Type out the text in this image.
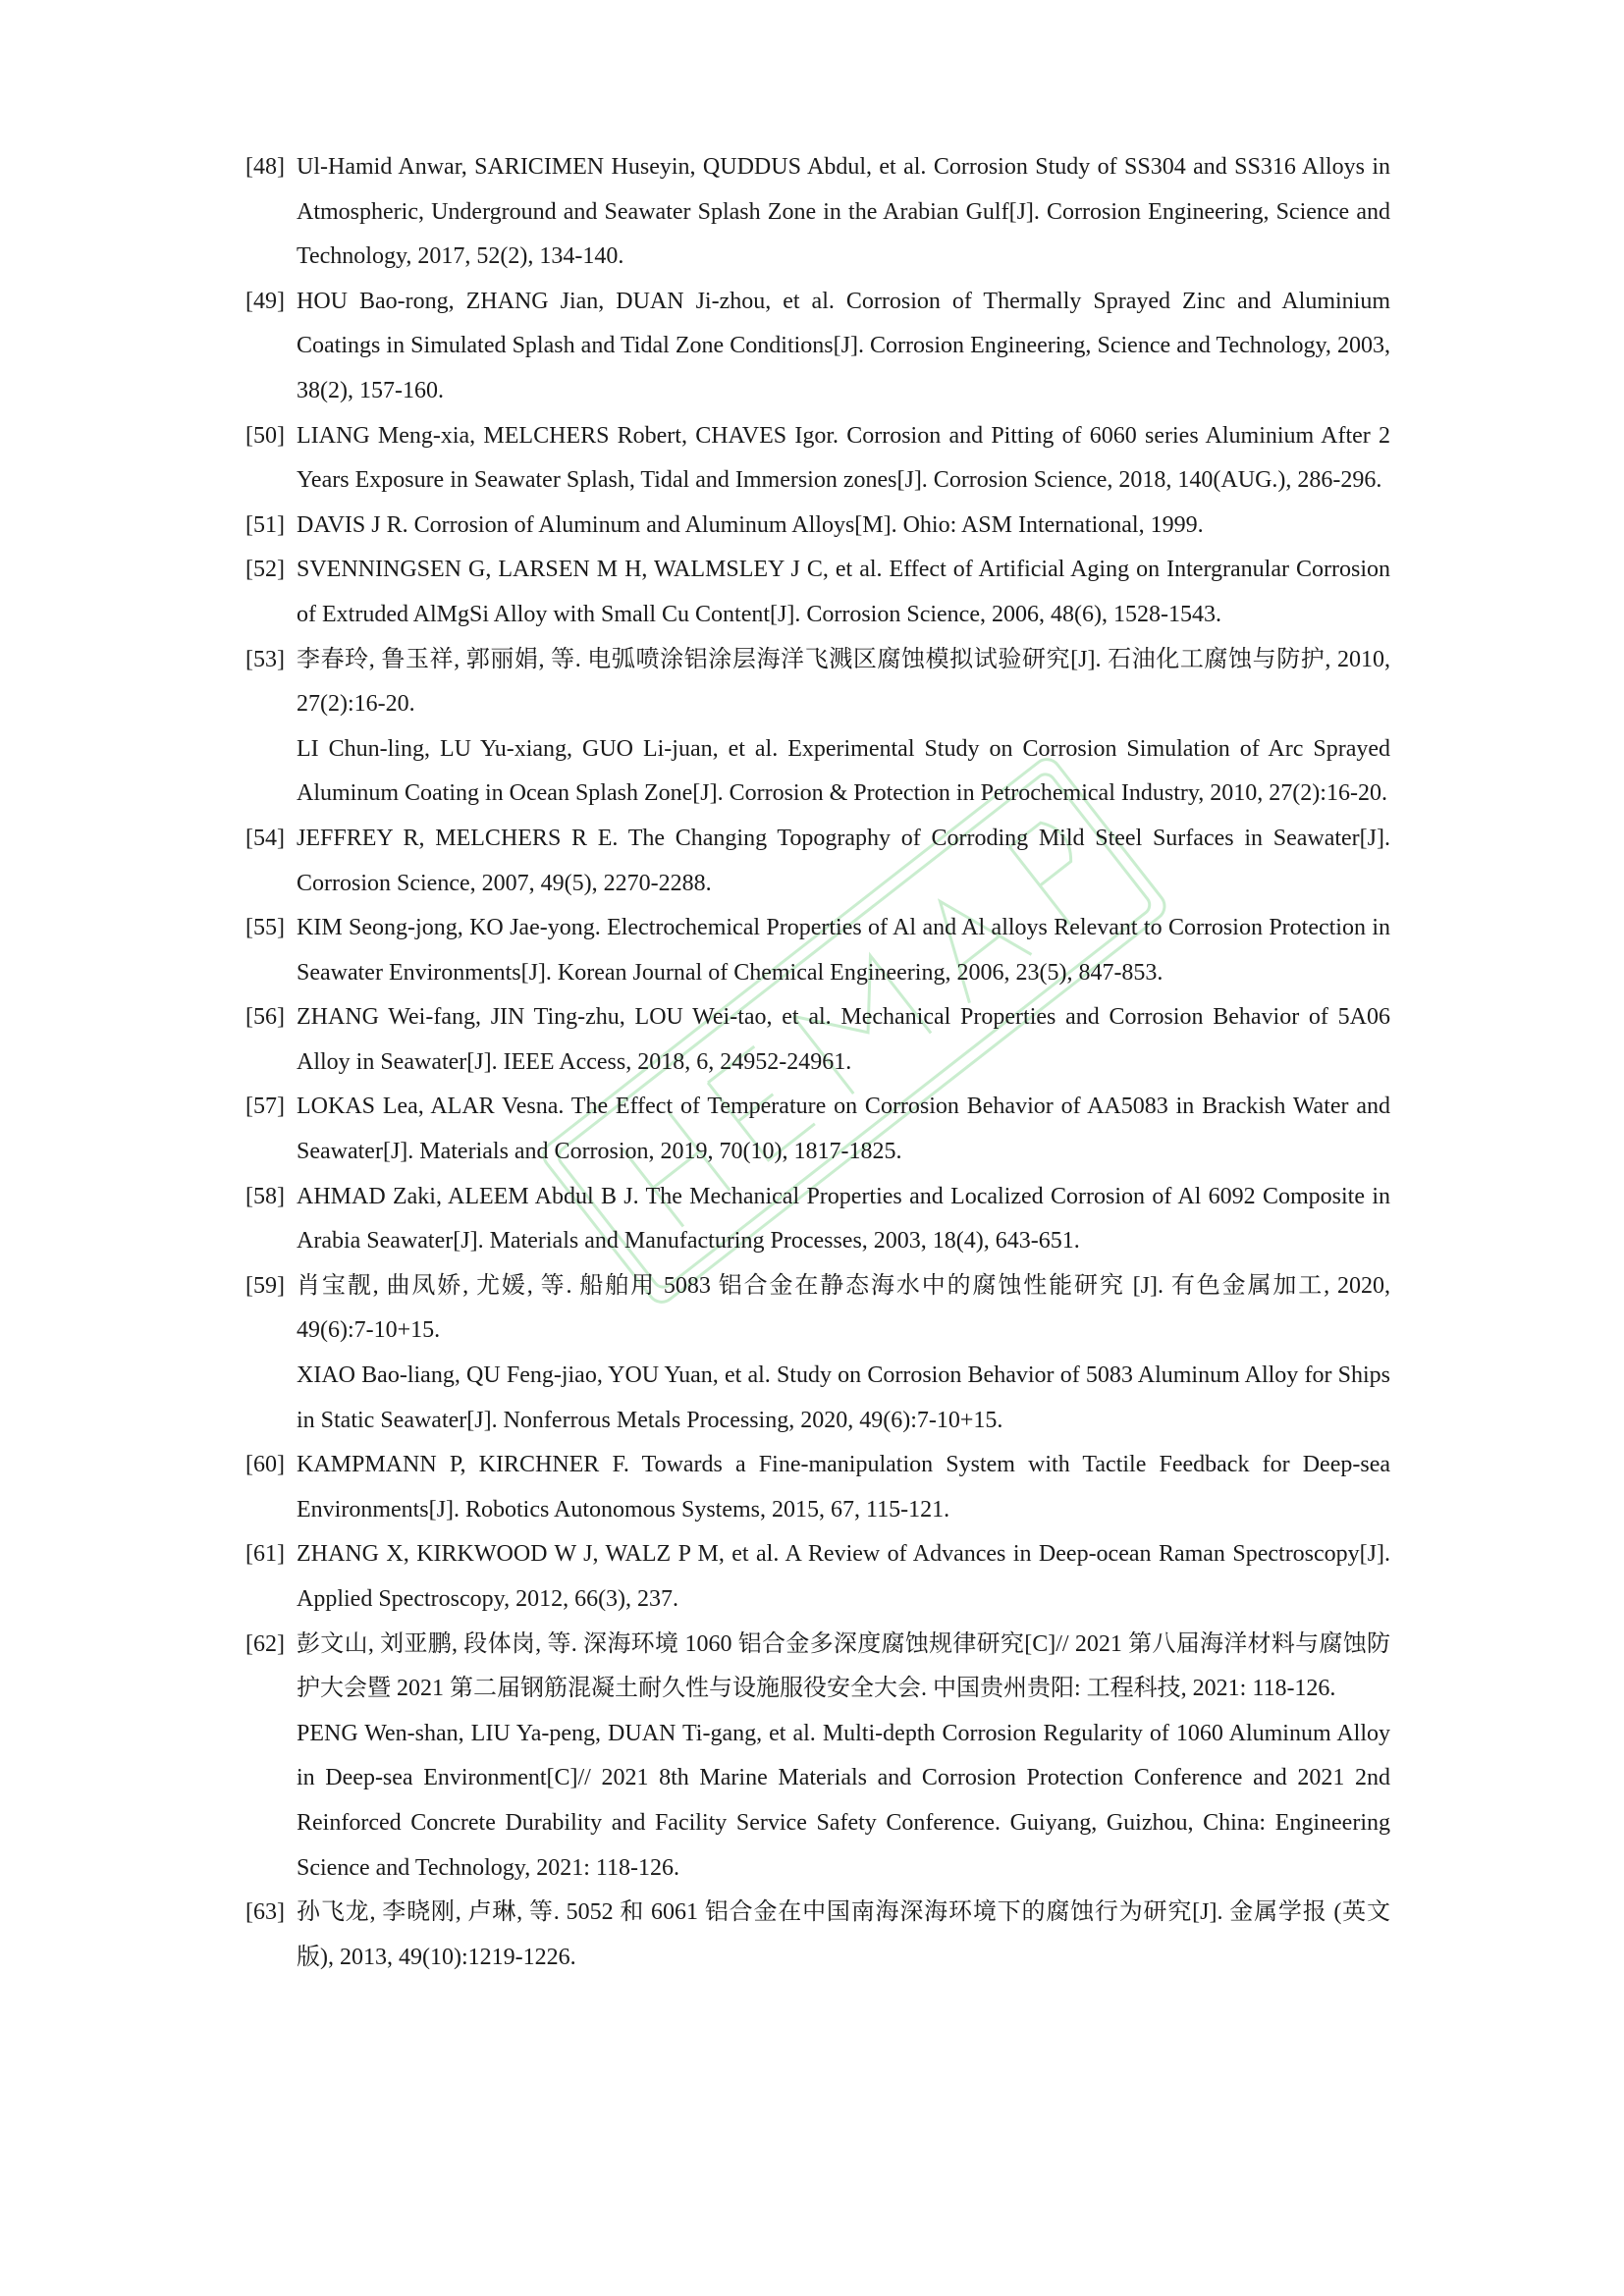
[48] Ul-Hamid Anwar, SARICIMEN Huseyin, QUDDUS Abdul, et al. Corrosion Study of SS304 and SS316 Alloys in Atmospheric, Underground and Seawater Splash Zone in the Arabian Gulf[J]. Corrosion Engineering, Science and Technology, 2017, 52(2), 134-140.

[49] HOU Bao-rong, ZHANG Jian, DUAN Ji-zhou, et al. Corrosion of Thermally Sprayed Zinc and Aluminium Coatings in Simulated Splash and Tidal Zone Conditions[J]. Corrosion Engineering, Science and Technology, 2003, 38(2), 157-160.

[50] LIANG Meng-xia, MELCHERS Robert, CHAVES Igor. Corrosion and Pitting of 6060 series Aluminium After 2 Years Exposure in Seawater Splash, Tidal and Immersion zones[J]. Corrosion Science, 2018, 140(AUG.), 286-296.

[51] DAVIS J R. Corrosion of Aluminum and Aluminum Alloys[M]. Ohio: ASM International, 1999.

[52] SVENNINGSEN G, LARSEN M H, WALMSLEY J C, et al. Effect of Artificial Aging on Intergranular Corrosion of Extruded AlMgSi Alloy with Small Cu Content[J]. Corrosion Science, 2006, 48(6), 1528-1543.

[53] 李春玲, 鲁玉祥, 郭丽娟, 等. 电弧喷涂铝涂层海洋飞溅区腐蚀模拟试验研究[J]. 石油化工腐蚀与防护, 2010, 27(2):16-20.

LI Chun-ling, LU Yu-xiang, GUO Li-juan, et al. Experimental Study on Corrosion Simulation of Arc Sprayed Aluminum Coating in Ocean Splash Zone[J]. Corrosion & Protection in Petrochemical Industry, 2010, 27(2):16-20.

[54] JEFFREY R, MELCHERS R E. The Changing Topography of Corroding Mild Steel Surfaces in Seawater[J]. Corrosion Science, 2007, 49(5), 2270-2288.

[55] KIM Seong-jong, KO Jae-yong. Electrochemical Properties of Al and Al alloys Relevant to Corrosion Protection in Seawater Environments[J]. Korean Journal of Chemical Engineering, 2006, 23(5), 847-853.

[56] ZHANG Wei-fang, JIN Ting-zhu, LOU Wei-tao, et al. Mechanical Properties and Corrosion Behavior of 5A06 Alloy in Seawater[J]. IEEE Access, 2018, 6, 24952-24961.

[57] LOKAS Lea, ALAR Vesna. The Effect of Temperature on Corrosion Behavior of AA5083 in Brackish Water and Seawater[J]. Materials and Corrosion, 2019, 70(10), 1817-1825.

[58] AHMAD Zaki, ALEEM Abdul B J. The Mechanical Properties and Localized Corrosion of Al 6092 Composite in Arabia Seawater[J]. Materials and Manufacturing Processes, 2003, 18(4), 643-651.

[59] 肖宝靓, 曲凤娇, 尤媛, 等. 船舶用 5083 铝合金在静态海水中的腐蚀性能研究 [J]. 有色金属加工, 2020, 49(6):7-10+15.

XIAO Bao-liang, QU Feng-jiao, YOU Yuan, et al. Study on Corrosion Behavior of 5083 Aluminum Alloy for Ships in Static Seawater[J]. Nonferrous Metals Processing, 2020, 49(6):7-10+15.

[60] KAMPMANN P, KIRCHNER F. Towards a Fine-manipulation System with Tactile Feedback for Deep-sea Environments[J]. Robotics Autonomous Systems, 2015, 67, 115-121.

[61] ZHANG X, KIRKWOOD W J, WALZ P M, et al. A Review of Advances in Deep-ocean Raman Spectroscopy[J]. Applied Spectroscopy, 2012, 66(3), 237.

[62] 彭文山, 刘亚鹏, 段体岗, 等. 深海环境 1060 铝合金多深度腐蚀规律研究[C]// 2021 第八届海洋材料与腐蚀防护大会暨 2021 第二届钢筋混凝土耐久性与设施服役安全大会. 中国贵州贵阳: 工程科技, 2021: 118-126.

PENG Wen-shan, LIU Ya-peng, DUAN Ti-gang, et al. Multi-depth Corrosion Regularity of 1060 Aluminum Alloy in Deep-sea Environment[C]// 2021 8th Marine Materials and Corrosion Protection Conference and 2021 2nd Reinforced Concrete Durability and Facility Service Safety Conference. Guiyang, Guizhou, China: Engineering Science and Technology, 2021: 118-126.

[63] 孙飞龙, 李晓刚, 卢琳, 等. 5052 和 6061 铝合金在中国南海深海环境下的腐蚀行为研究[J]. 金属学报 (英文版), 2013, 49(10):1219-1226.
